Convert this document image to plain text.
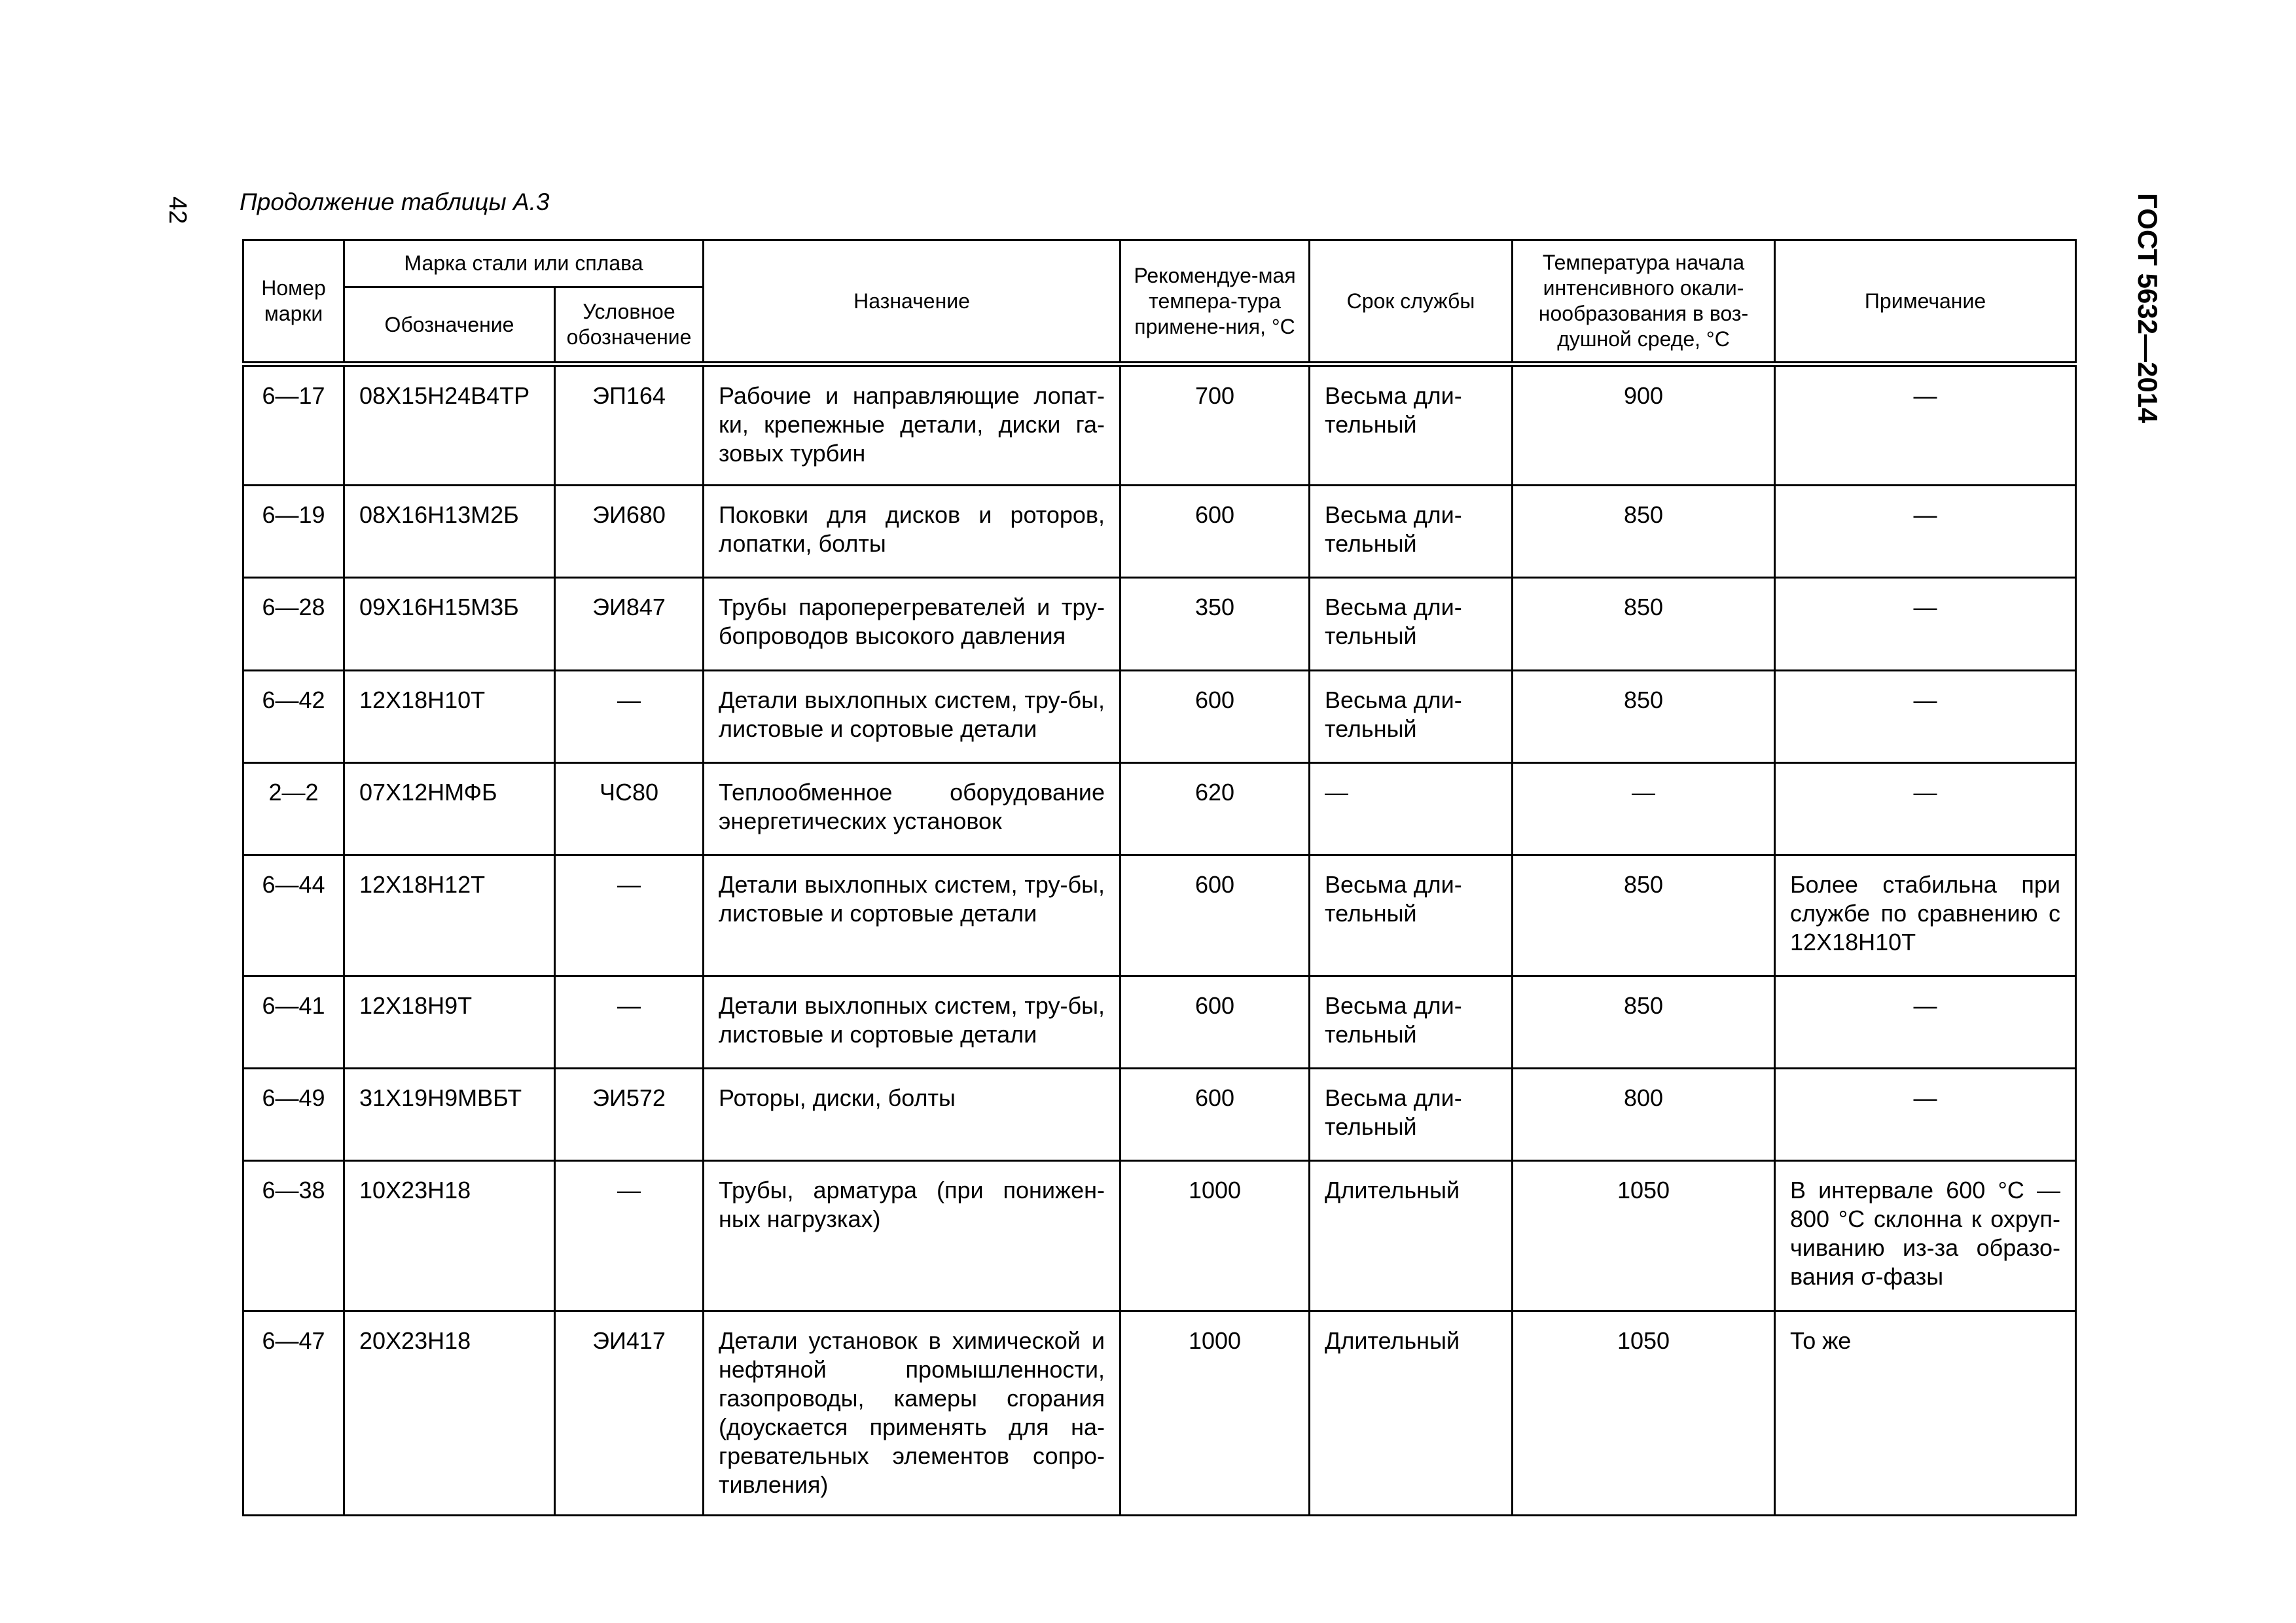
42 Продолжение таблицы А.3	ГОСТ 5632—2014
Номер марки	Марка стали или сплава		Назначение	Рекомендуе-мая темпера-тура примене-ния, °С	Срок службы	Температура начала интенсивного окали-нообразования в воз-душной среде, °С	Примечание
	Обозначение	Условное обозначение					
6—17	08Х15Н24В4ТР	ЭП164	Рабочие и направляющие лопат-ки, крепежные детали, диски га-зовых турбин	700	Весьма дли-тельный	900	—
6—19	08Х16Н13М2Б	ЭИ680	Поковки для дисков и роторов, лопатки, болты	600	Весьма дли-тельный	850	—
6—28	09Х16Н15М3Б	ЭИ847	Трубы пароперегревателей и тру-бопроводов высокого давления	350	Весьма дли-тельный	850	—
6—42	12Х18Н10Т	—	Детали выхлопных систем, тру-бы, листовые и сортовые детали	600	Весьма дли-тельный	850	—
2—2	07Х12НМФБ	ЧС80	Теплообменное оборудование энергетических установок	620	—	—	—
6—44	12Х18Н12Т	—	Детали выхлопных систем, тру-бы, листовые и сортовые детали	600	Весьма дли-тельный	850	Более стабильна при службе по сравнению с 12Х18Н10Т
6—41	12Х18Н9Т	—	Детали выхлопных систем, тру-бы, листовые и сортовые детали	600	Весьма дли-тельный	850	—
6—49	31Х19Н9МВБТ	ЭИ572	Роторы, диски, болты	600	Весьма дли-тельный	800	—
6—38	10Х23Н18	—	Трубы, арматура (при понижен-ных нагрузках)	1000	Длительный	1050	В интервале 600 °С — 800 °С склонна к охруп-чиванию из-за образо-вания σ-фазы
6—47	20Х23Н18	ЭИ417	Детали установок в химической и нефтяной промышленности, газопроводы, камеры сгорания (доускается применять для на-гревательных элементов сопро-тивления)	1000	Длительный	1050	То же
